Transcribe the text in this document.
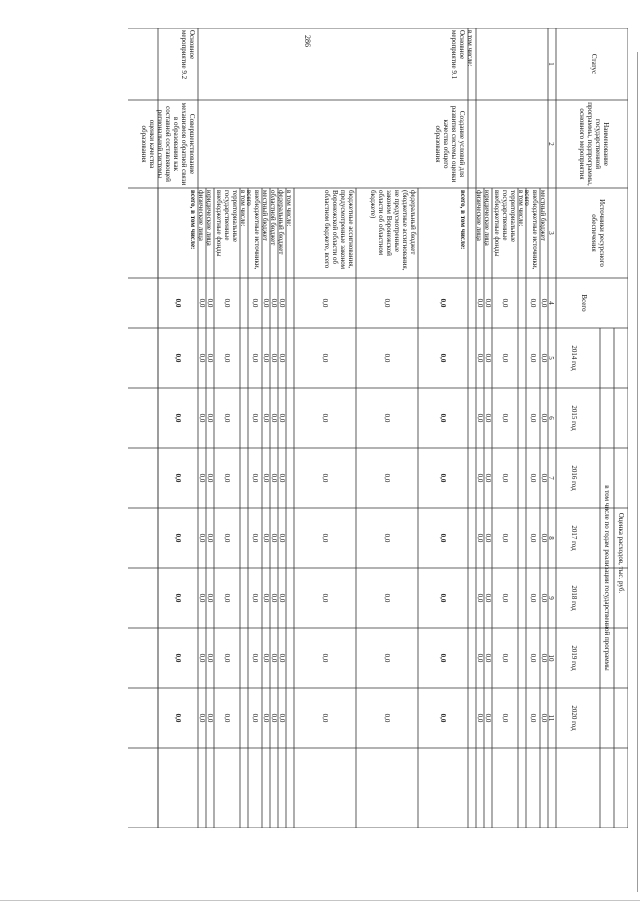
286
Статус
Наименование государственной программы, подпрограммы, основного мероприятия
Источники ресурсного обеспечения
Оценка расходов, тыс. руб.
Всего
в том числе по годам реализации государственной программы
2014 год
2015 год
2016 год
2017 год
2018 год
2019 год
2020 год
1
2
3
4
5
6
7
8
9
10
11
местный бюджет
0,0
0,0
0,0
0,0
0,0
0,0
0,0
0,0
внебюджетные источники, всего
0,0
0,0
0,0
0,0
0,0
0,0
0,0
0,0
в том числе:
территориальные государственные внебюджетные фонды
0,0
0,0
0,0
0,0
0,0
0,0
0,0
0,0
юридические лица
0,0
0,0
0,0
0,0
0,0
0,0
0,0
0,0
физические лица
0,0
0,0
0,0
0,0
0,0
0,0
0,0
0,0
в том числе:
Основное мероприятие 9.1
Создание условий для развития системы оценки качества общего образования
всего, в том числе:
0,0
0,0
0,0
0,0
0,0
0,0
0,0
0,0
федеральный бюджет (бюджетные ассигнования, не предусмотренные законом Воронежской области об областном бюджете)
0,0
0,0
0,0
0,0
0,0
0,0
0,0
0,0
бюджетные ассигнования, предусмотренные законом Воронежской области об областном бюджете, всего
0,0
0,0
0,0
0,0
0,0
0,0
0,0
0,0
в том числе:
федеральный бюджет
0,0
0,0
0,0
0,0
0,0
0,0
0,0
0,0
областной бюджет
0,0
0,0
0,0
0,0
0,0
0,0
0,0
0,0
местный бюджет
0,0
0,0
0,0
0,0
0,0
0,0
0,0
0,0
внебюджетные источники, всего
0,0
0,0
0,0
0,0
0,0
0,0
0,0
0,0
в том числе:
территориальные государственные внебюджетные фонды
0,0
0,0
0,0
0,0
0,0
0,0
0,0
0,0
юридические лица
0,0
0,0
0,0
0,0
0,0
0,0
0,0
0,0
физические лица
0,0
0,0
0,0
0,0
0,0
0,0
0,0
0,0
Основное мероприятие 9.2
Совершенствование механизмов обратной связи в образовании как составной составляющей региональной системы оценки качества образования
всего, в том числе:
0,0
0,0
0,0
0,0
0,0
0,0
0,0
0,0
